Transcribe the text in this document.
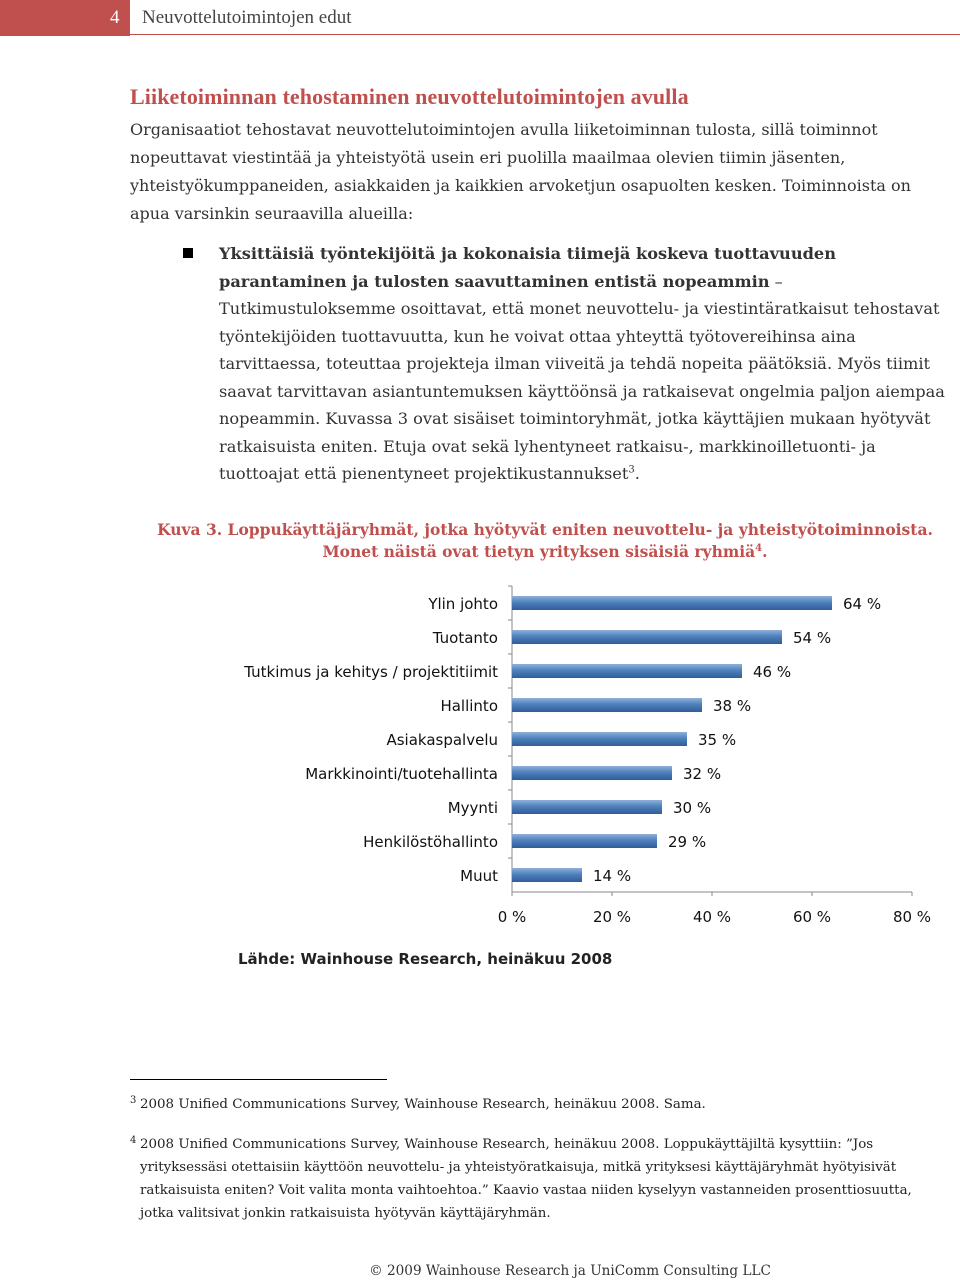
4 Neuvottelutoimintojen edut
Liiketoiminnan tehostaminen neuvottelutoimintojen avulla
Organisaatiot tehostavat neuvottelutoimintojen avulla liiketoiminnan tulosta, sillä toiminnot nopeuttavat viestintää ja yhteistyötä usein eri puolilla maailmaa olevien tiimin jäsenten, yhteistyökumppaneiden, asiakkaiden ja kaikkien arvoketjun osapuolten kesken. Toiminnoista on apua varsinkin seuraavilla alueilla:
Yksittäisiä työntekijöitä ja kokonaisia tiimejä koskeva tuottavuuden parantaminen ja tulosten saavuttaminen entistä nopeammin – Tutkimustuloksemme osoittavat, että monet neuvottelu- ja viestintäratkaisut tehostavat työntekijöiden tuottavuutta, kun he voivat ottaa yhteyttä työtovereihinsa aina tarvittaessa, toteuttaa projekteja ilman viiveitä ja tehdä nopeita päätöksiä. Myös tiimit saavat tarvittavan asiantuntemuksen käyttöönsä ja ratkaisevat ongelmia paljon aiempaa nopeammin. Kuvassa 3 ovat sisäiset toimintoryhmät, jotka käyttäjien mukaan hyötyvät ratkaisuista eniten. Etuja ovat sekä lyhentyneet ratkaisu-, markkinoilletuonti- ja tuottoajat että pienentyneet projektikustannukset$^3$.
Kuva 3. Loppukäyttäjäryhmät, jotka hyötyvät eniten neuvottelu- ja yhteistyötoiminnoista.
Monet näistä ovat tietyn yrityksen sisäisiä ryhmiä$^4$.
Ylin johto	64 %
Tuotanto	54 %
Tutkimus ja kehitys / projektitiimit	46 %
Hallinto	38 %
Asiakaspalvelu	35 %
Markkinointi/tuotehallinta	32 %
Myynti	30 %
Henkilöstöhallinto	29 %
Muut	14 %
0 %	20 %	40 %	60 %	80 %
Lähde: Wainhouse Research, heinäkuu 2008
3 2008 Unified Communications Survey, Wainhouse Research, heinäkuu 2008. Sama.
4 2008 Unified Communications Survey, Wainhouse Research, heinäkuu 2008. Loppukäyttäjiltä kysyttiin: ”Jos yrityksessäsi otettaisiin käyttöön neuvottelu- ja yhteistyöratkaisuja, mitkä yrityksesi käyttäjäryhmät hyötyisivät ratkaisuista eniten? Voit valita monta vaihtoehtoa.” Kaavio vastaa niiden kyselyyn vastanneiden prosenttiosuutta, jotka valitsivat jonkin ratkaisuista hyötyvän käyttäjäryhmän.
© 2009 Wainhouse Research ja UniComm Consulting LLC
